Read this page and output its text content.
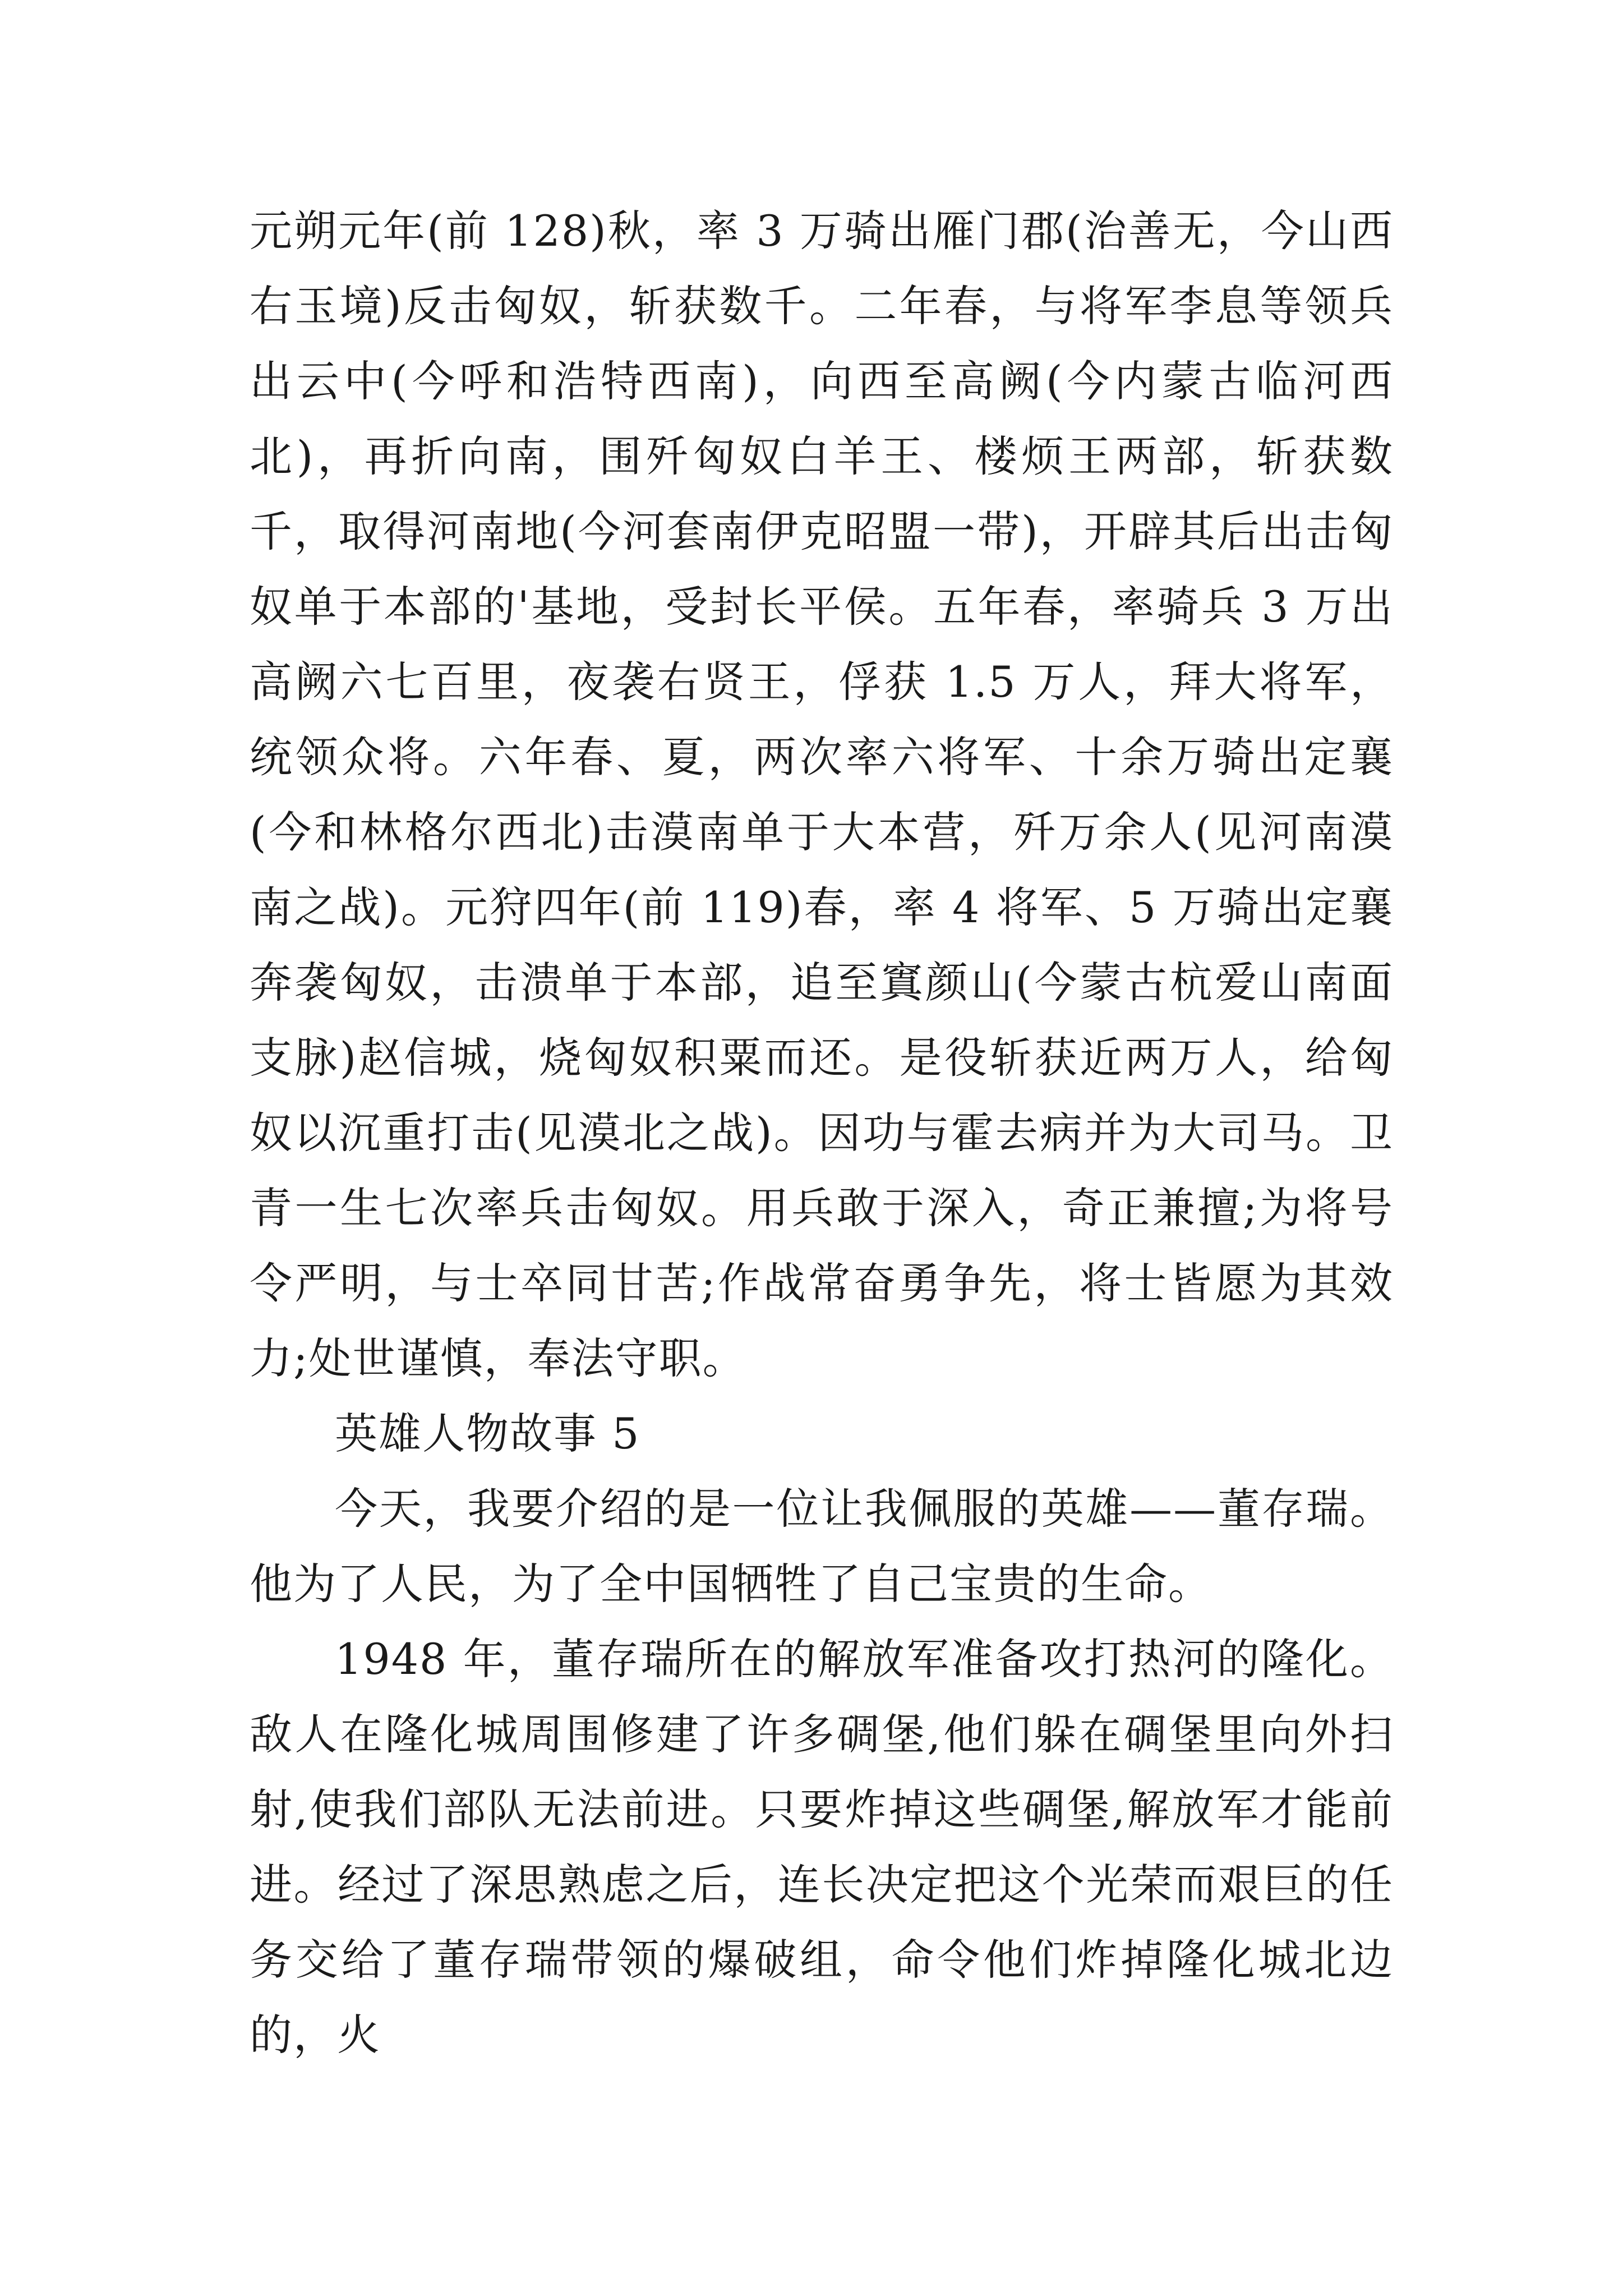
元朔元年(前 128)秋，率 3 万骑出雁门郡(治善无，今山西右玉境)反击匈奴，斩获数千。二年春，与将军李息等领兵出云中(今呼和浩特西南)，向西至高阙(今内蒙古临河西北)，再折向南，围歼匈奴白羊王、楼烦王两部，斩获数千，取得河南地(今河套南伊克昭盟一带)，开辟其后出击匈奴单于本部的'基地，受封长平侯。五年春，率骑兵 3 万出高阙六七百里，夜袭右贤王，俘获 1.5 万人，拜大将军，统领众将。六年春、夏，两次率六将军、十余万骑出定襄(今和林格尔西北)击漠南单于大本营，歼万余人(见河南漠南之战)。元狩四年(前 119)春，率 4 将军、5 万骑出定襄奔袭匈奴，击溃单于本部，追至窴颜山(今蒙古杭爱山南面支脉)赵信城，烧匈奴积粟而还。是役斩获近两万人，给匈奴以沉重打击(见漠北之战)。因功与霍去病并为大司马。卫青一生七次率兵击匈奴。用兵敢于深入，奇正兼擅;为将号令严明，与士卒同甘苦;作战常奋勇争先，将士皆愿为其效力;处世谨慎，奉法守职。

英雄人物故事 5

今天，我要介绍的是一位让我佩服的英雄——董存瑞。他为了人民，为了全中国牺牲了自己宝贵的生命。

1948 年，董存瑞所在的解放军准备攻打热河的隆化。敌人在隆化城周围修建了许多碉堡,他们躲在碉堡里向外扫射,使我们部队无法前进。只要炸掉这些碉堡,解放军才能前进。经过了深思熟虑之后，连长决定把这个光荣而艰巨的任务交给了董存瑞带领的爆破组，命令他们炸掉隆化城北边的，火
